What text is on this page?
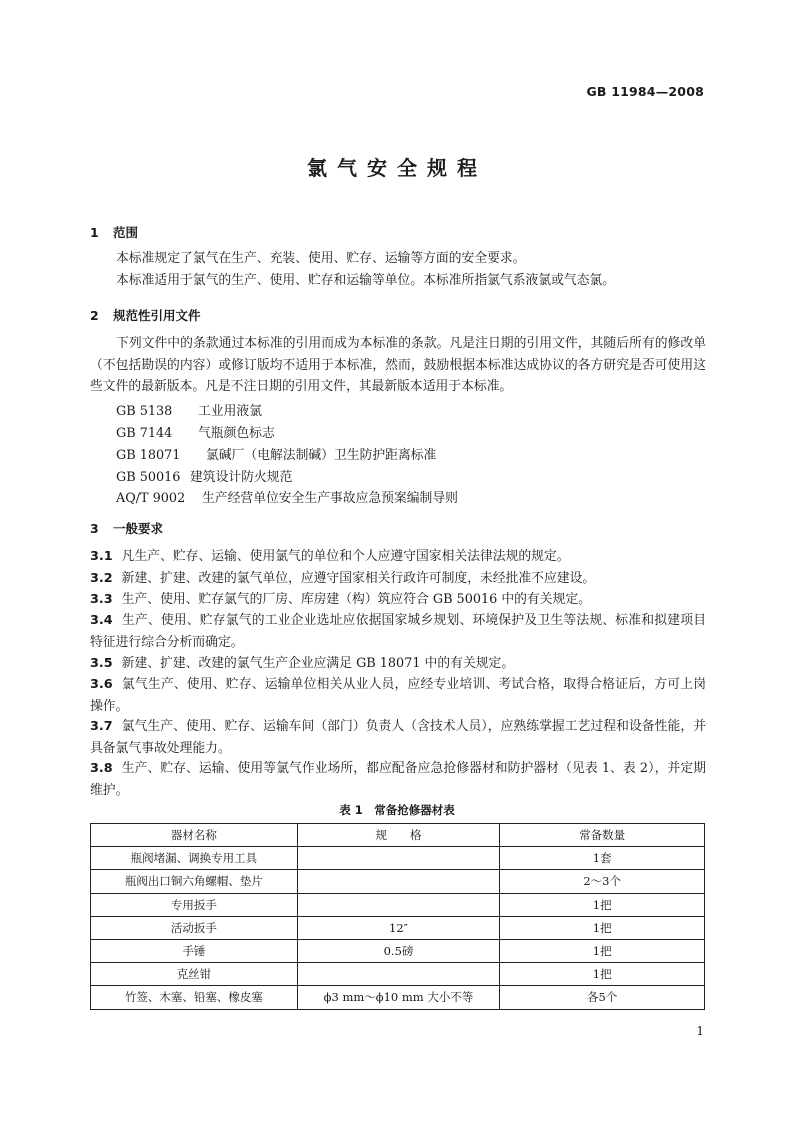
GB 11984—2008
氯气安全规程
1 范围
本标准规定了氯气在生产、充装、使用、贮存、运输等方面的安全要求。
本标准适用于氯气的生产、使用、贮存和运输等单位。本标准所指氯气系液氯或气态氯。
2 规范性引用文件
下列文件中的条款通过本标准的引用而成为本标准的条款。凡是注日期的引用文件，其随后所有的修改单（不包括勘误的内容）或修订版均不适用于本标准，然而，鼓励根据本标准达成协议的各方研究是否可使用这些文件的最新版本。凡是不注日期的引用文件，其最新版本适用于本标准。
GB 5138 工业用液氯
GB 7144 气瓶颜色标志
GB 18071 氯碱厂（电解法制碱）卫生防护距离标准
GB 50016 建筑设计防火规范
AQ/T 9002 生产经营单位安全生产事故应急预案编制导则
3 一般要求
3.1 凡生产、贮存、运输、使用氯气的单位和个人应遵守国家相关法律法规的规定。
3.2 新建、扩建、改建的氯气单位，应遵守国家相关行政许可制度，未经批准不应建设。
3.3 生产、使用、贮存氯气的厂房、库房建（构）筑应符合 GB 50016 中的有关规定。
3.4 生产、使用、贮存氯气的工业企业选址应依据国家城乡规划、环境保护及卫生等法规、标准和拟建项目特征进行综合分析而确定。
3.5 新建、扩建、改建的氯气生产企业应满足 GB 18071 中的有关规定。
3.6 氯气生产、使用、贮存、运输单位相关从业人员，应经专业培训、考试合格，取得合格证后，方可上岗操作。
3.7 氯气生产、使用、贮存、运输车间（部门）负责人（含技术人员），应熟练掌握工艺过程和设备性能，并具备氯气事故处理能力。
3.8 生产、贮存、运输、使用等氯气作业场所，都应配备应急抢修器材和防护器材（见表 1、表 2），并定期维护。
表 1　常备抢修器材表
器材名称	规　　格	常备数量
瓶阀堵漏、调换专用工具		1套
瓶阀出口铜六角螺帽、垫片		2～3个
专用扳手		1把
活动扳手	12″	1把
手锤	0.5磅	1把
克丝钳		1把
竹签、木塞、铅塞、橡皮塞	ϕ3 mm～ϕ10 mm 大小不等	各5个
1
